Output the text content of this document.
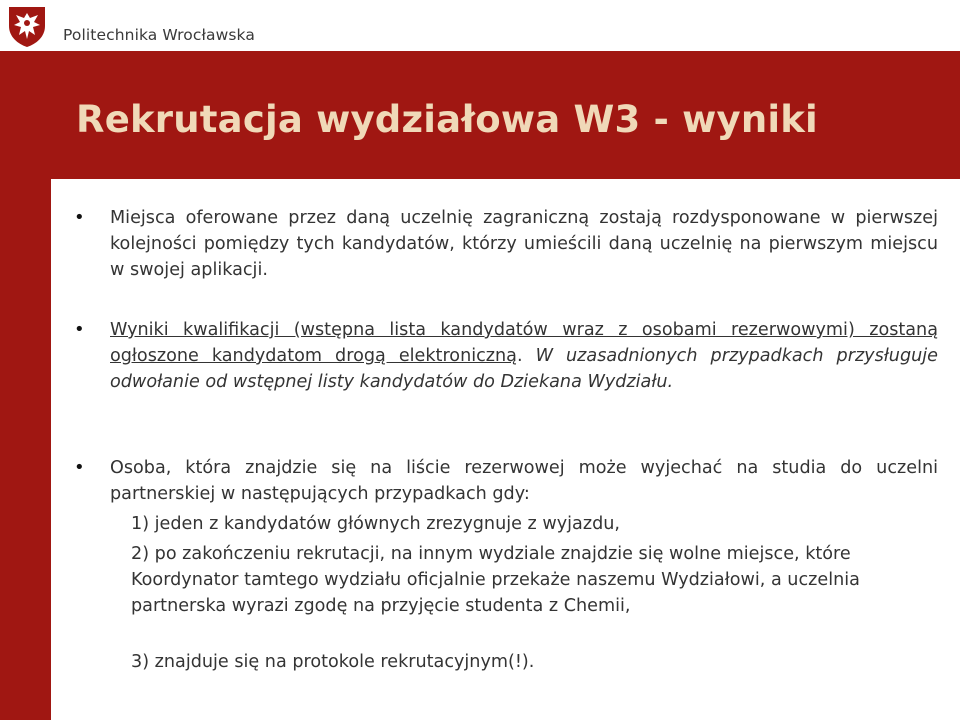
Politechnika Wrocławska
Rekrutacja wydziałowa W3 - wyniki
• Miejsca oferowane przez daną uczelnię zagraniczną zostają rozdysponowane w pierwszej kolejności pomiędzy tych kandydatów, którzy umieścili daną uczelnię na pierwszym miejscu w swojej aplikacji.
• Wyniki kwalifikacji (wstępna lista kandydatów wraz z osobami rezerwowymi) zostaną ogłoszone kandydatom drogą elektroniczną. W uzasadnionych przypadkach przysługuje odwołanie od wstępnej listy kandydatów do Dziekana Wydziału.
• Osoba, która znajdzie się na liście rezerwowej może wyjechać na studia do uczelni partnerskiej w następujących przypadkach gdy:
1) jeden z kandydatów głównych zrezygnuje z wyjazdu,
2) po zakończeniu rekrutacji, na innym wydziale znajdzie się wolne miejsce, które Koordynator tamtego wydziału oficjalnie przekaże naszemu Wydziałowi, a uczelnia partnerska wyrazi zgodę na przyjęcie studenta z Chemii,
3) znajduje się na protokole rekrutacyjnym(!).
